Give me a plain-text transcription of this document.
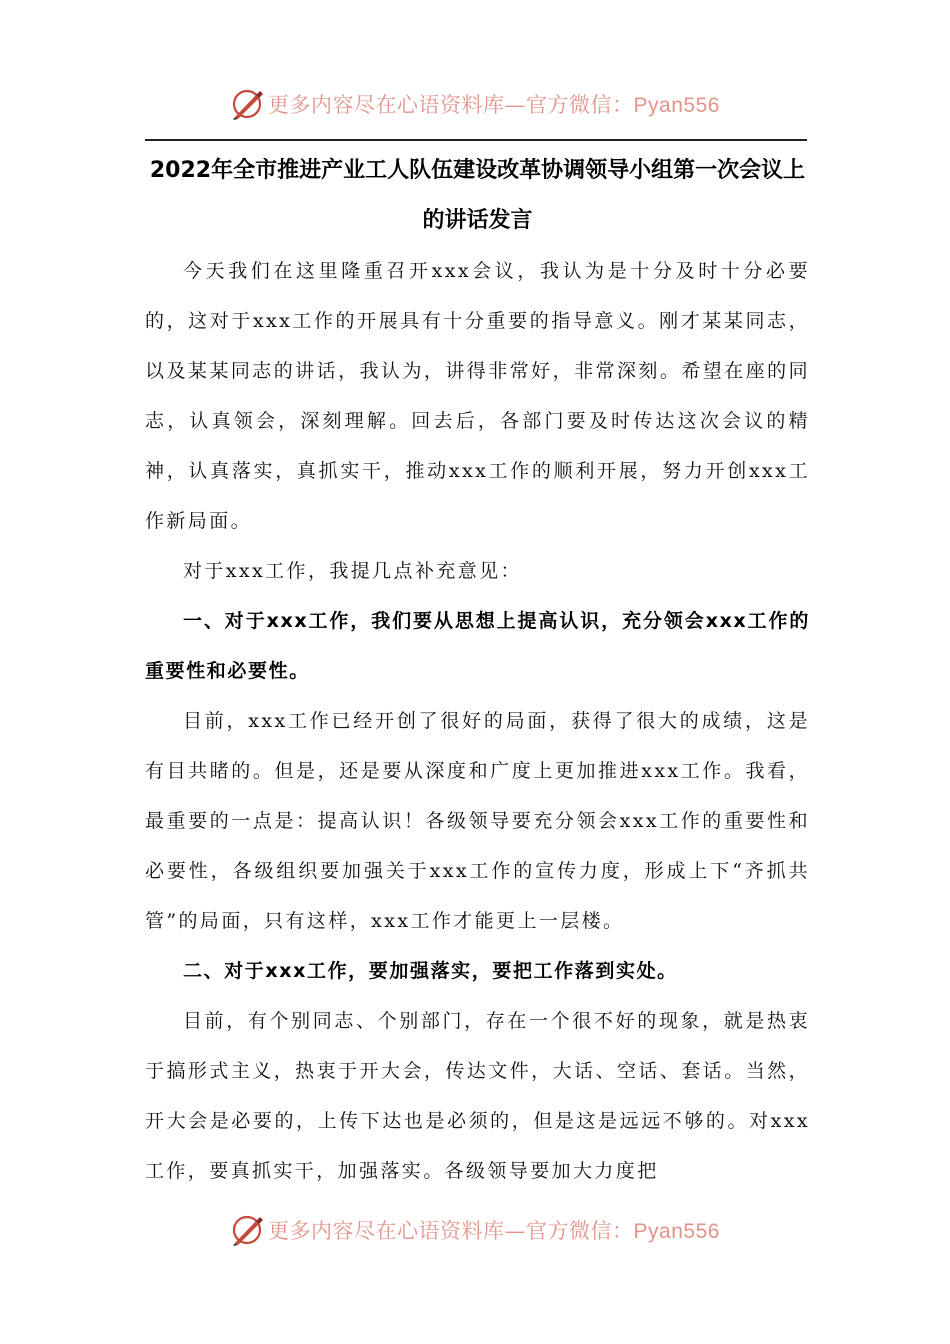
更多内容尽在心语资料库—官方微信：Pyan556
2022年全市推进产业工人队伍建设改革协调领导小组第一次会议上的讲话发言

今天我们在这里隆重召开xxx会议，我认为是十分及时十分必要的，这对于xxx工作的开展具有十分重要的指导意义。刚才某某同志，以及某某同志的讲话，我认为，讲得非常好，非常深刻。希望在座的同志，认真领会，深刻理解。回去后，各部门要及时传达这次会议的精神，认真落实，真抓实干，推动xxx工作的顺利开展，努力开创xxx工作新局面。

对于xxx工作，我提几点补充意见：

一、对于xxx工作，我们要从思想上提高认识，充分领会xxx工作的重要性和必要性。

目前，xxx工作已经开创了很好的局面，获得了很大的成绩，这是有目共睹的。但是，还是要从深度和广度上更加推进xxx工作。我看，最重要的一点是：提高认识！各级领导要充分领会xxx工作的重要性和必要性，各级组织要加强关于xxx工作的宣传力度，形成上下“齐抓共管”的局面，只有这样，xxx工作才能更上一层楼。

二、对于xxx工作，要加强落实，要把工作落到实处。

目前，有个别同志、个别部门，存在一个很不好的现象，就是热衷于搞形式主义，热衷于开大会，传达文件，大话、空话、套话。当然，开大会是必要的，上传下达也是必须的，但是这是远远不够的。对xxx工作，要真抓实干，加强落实。各级领导要加大力度把

更多内容尽在心语资料库—官方微信：Pyan556
